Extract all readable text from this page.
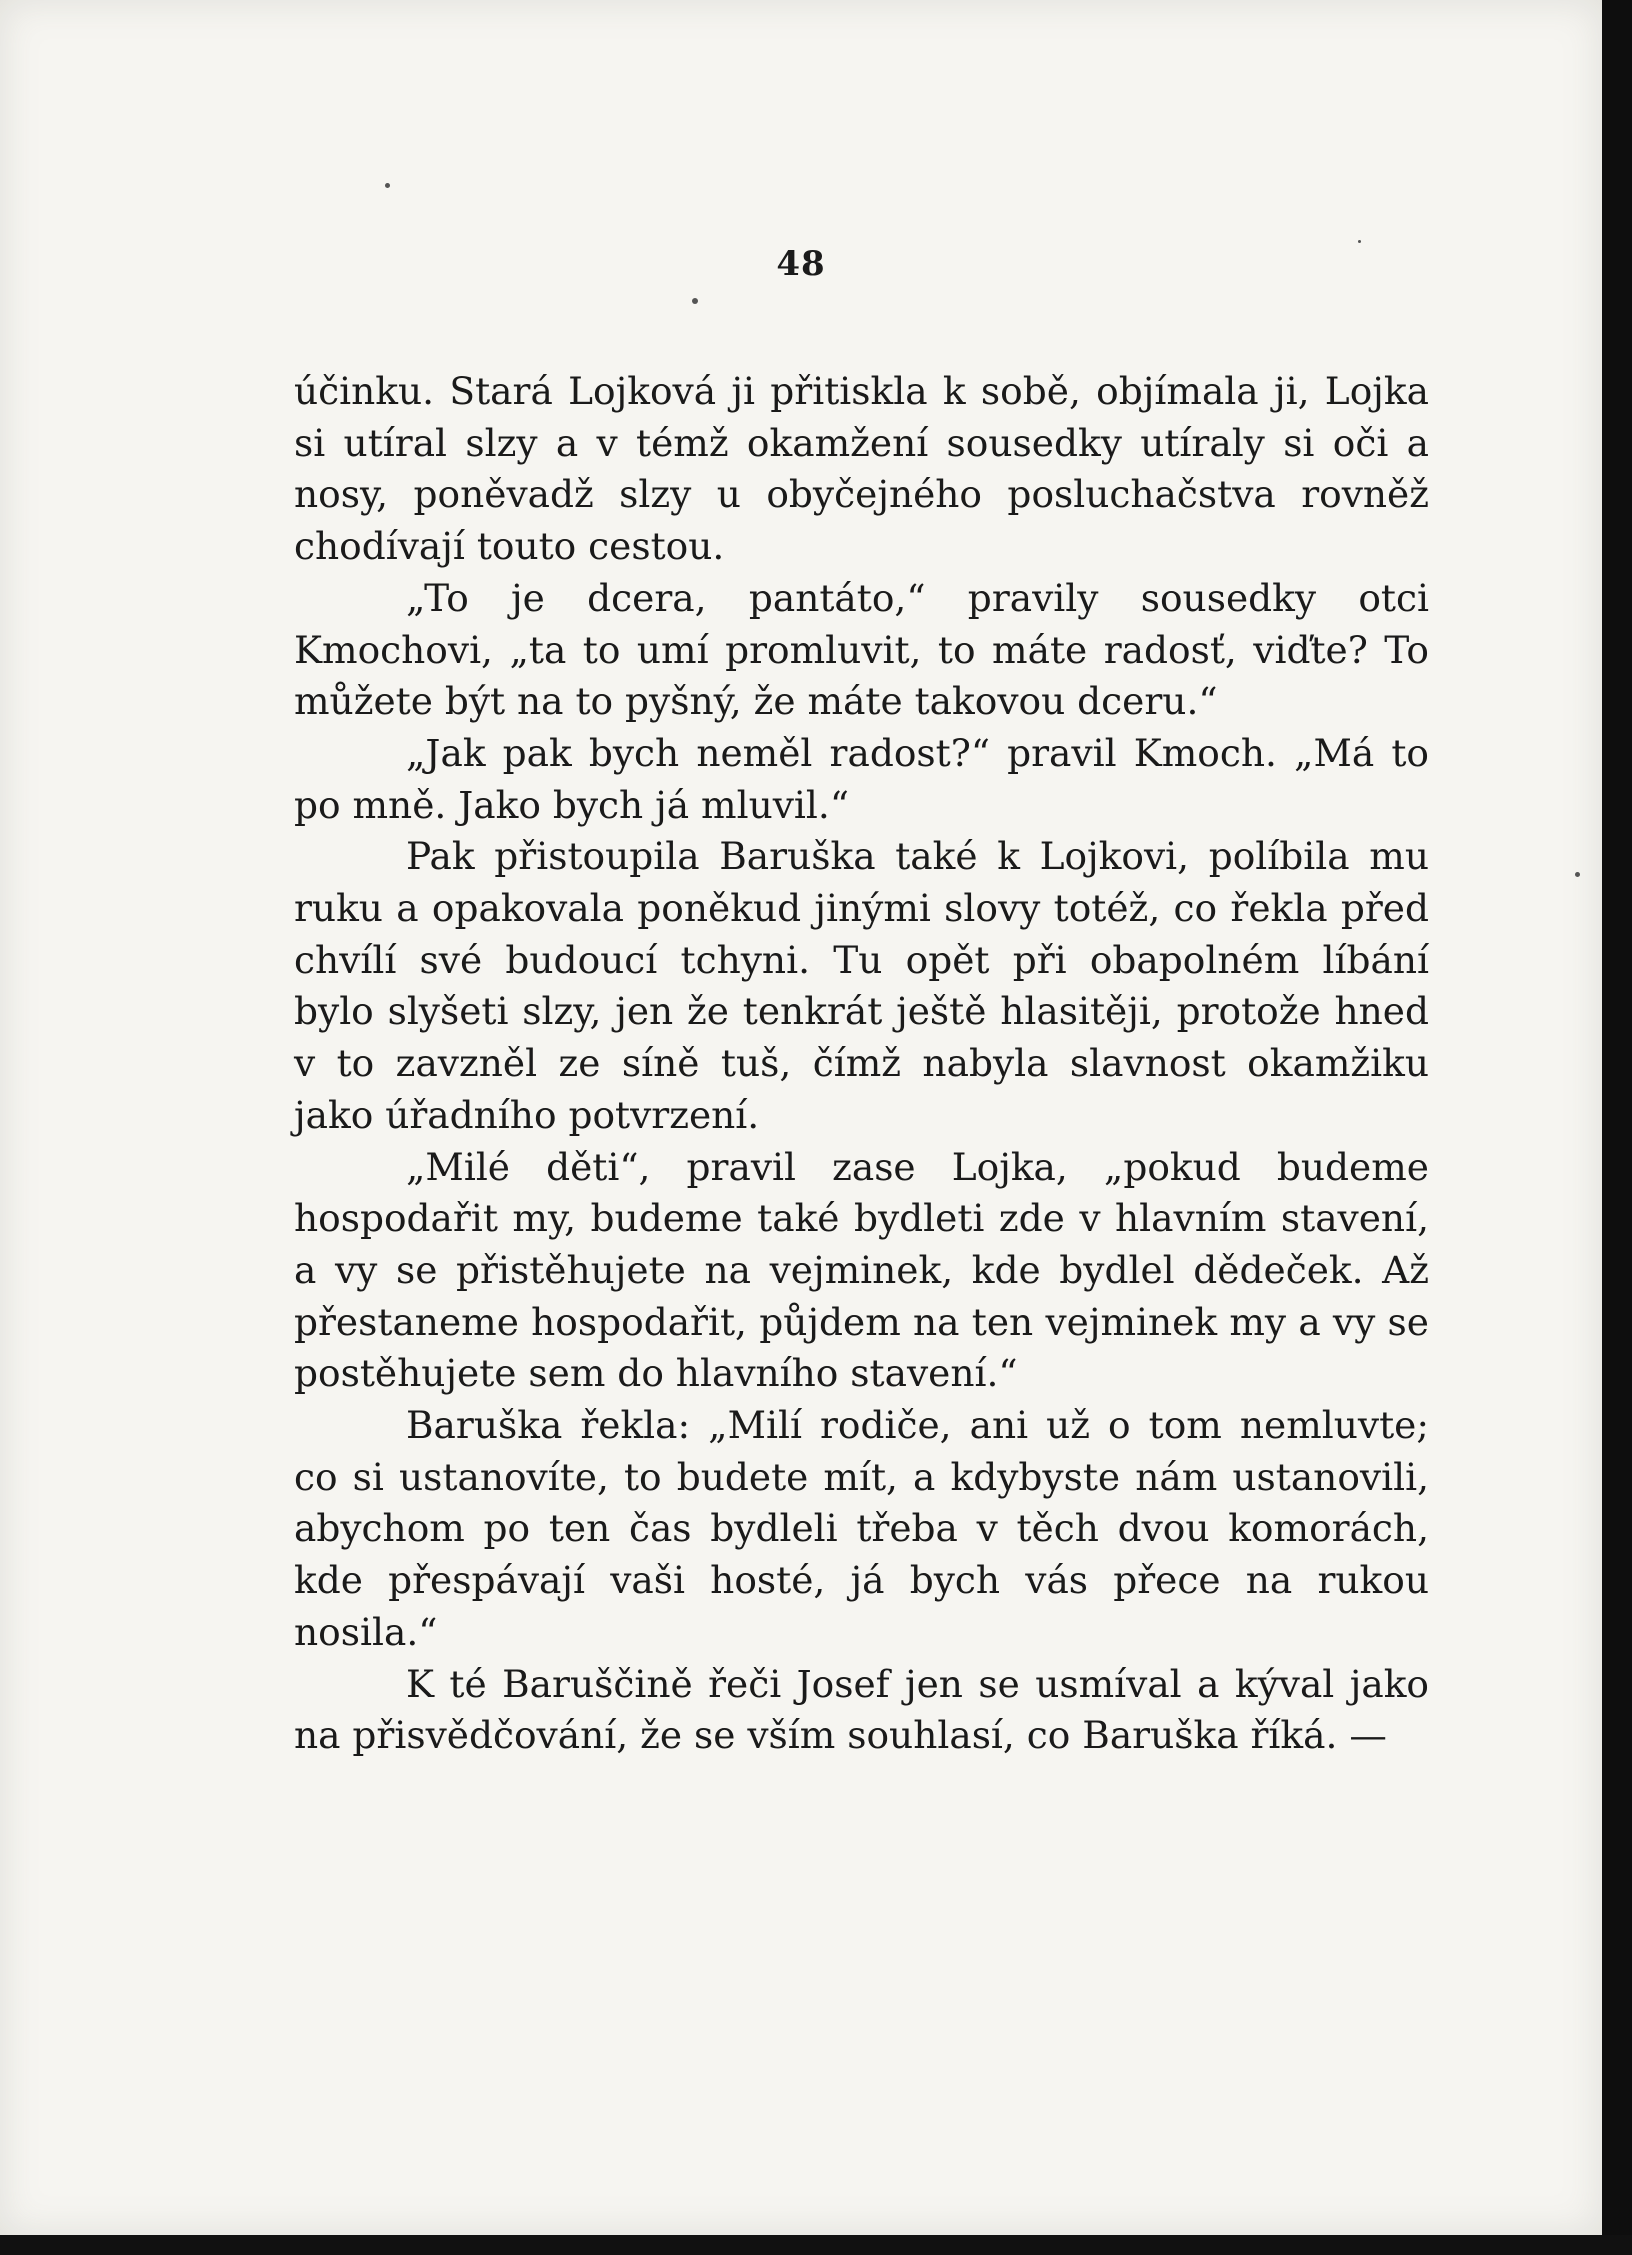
48

účinku. Stará Lojková ji přitiskla k sobě, objímala ji, Lojka si utíral slzy a v témž okamžení sousedky utíraly si oči a nosy, poněvadž slzy u obyčejného posluchačstva rovněž chodívají touto cestou.

„To je dcera, pantáto,“ pravily sousedky otci Kmochovi, „ta to umí promluvit, to máte radosť, viďte? To můžete být na to pyšný, že máte takovou dceru.“

„Jak pak bych neměl radost?“ pravil Kmoch. „Má to po mně. Jako bych já mluvil.“

Pak přistoupila Baruška také k Lojkovi, políbila mu ruku a opakovala poněkud jinými slovy totéž, co řekla před chvílí své budoucí tchyni. Tu opět při obapolném líbání bylo slyšeti slzy, jen že tenkrát ještě hlasitěji, protože hned v to zavzněl ze síně tuš, čímž nabyla slavnost okamžiku jako úřadního potvrzení.

„Milé děti“, pravil zase Lojka, „pokud budeme hospodařit my, budeme také bydleti zde v hlavním stavení, a vy se přistěhujete na vejminek, kde bydlel dědeček. Až přestaneme hospodařit, půjdem na ten vejminek my a vy se postěhujete sem do hlavního stavení.“

Baruška řekla: „Milí rodiče, ani už o tom nemluvte; co si ustanovíte, to budete mít, a kdybyste nám ustanovili, abychom po ten čas bydleli třeba v těch dvou komorách, kde přespávají vaši hosté, já bych vás přece na rukou nosila.“

K té Baruščině řeči Josef jen se usmíval a kýval jako na přisvědčování, že se vším souhlasí, co Baruška říká. —
